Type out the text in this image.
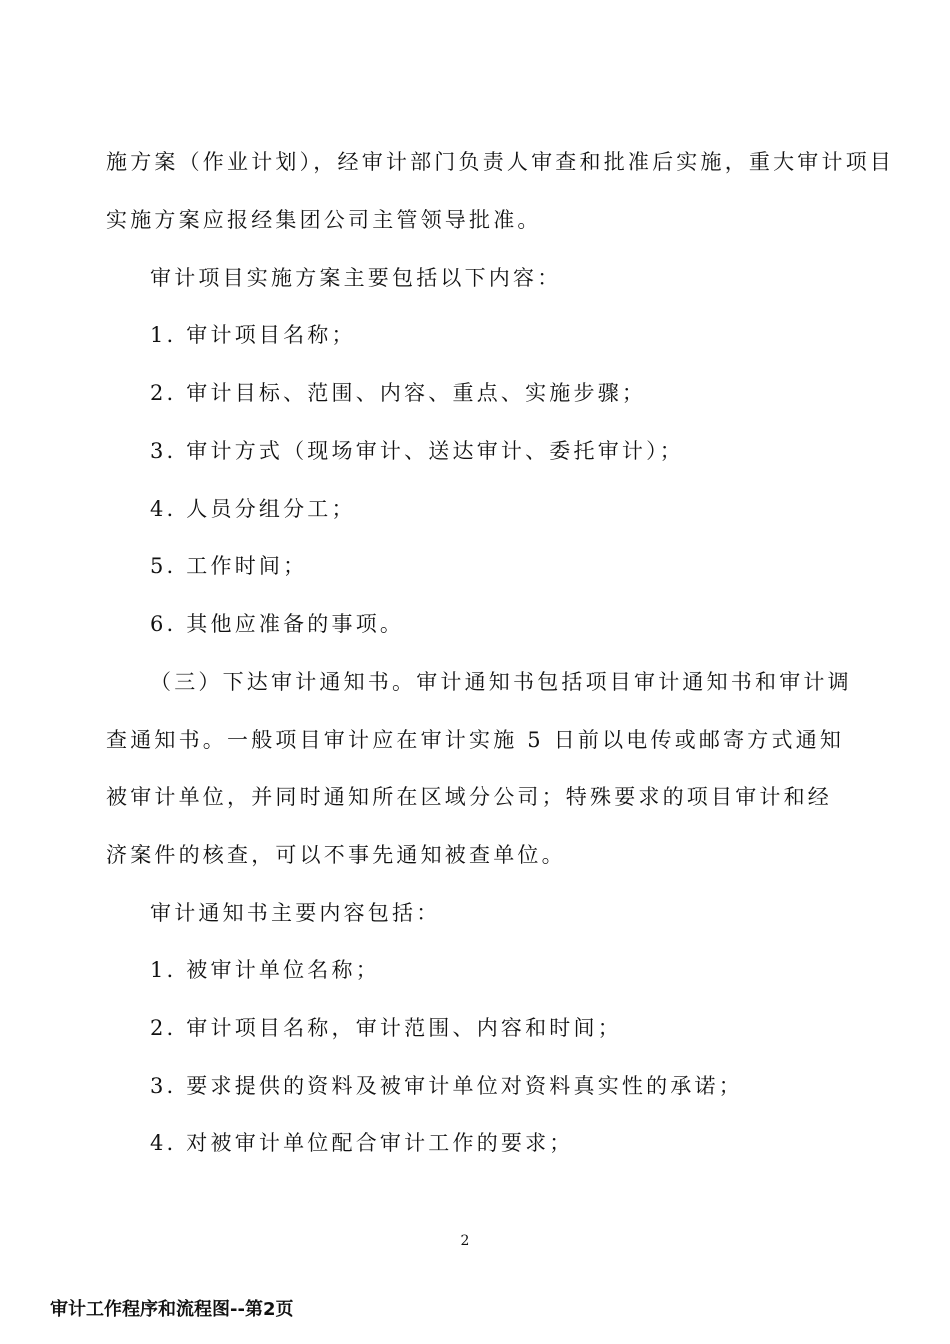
施方案（作业计划），经审计部门负责人审查和批准后实施，重大审计项目
实施方案应报经集团公司主管领导批准。
审计项目实施方案主要包括以下内容：
1. 审计项目名称；
2. 审计目标、范围、内容、重点、实施步骤；
3. 审计方式（现场审计、送达审计、委托审计）；
4. 人员分组分工；
5. 工作时间；
6. 其他应准备的事项。
（三）下达审计通知书。审计通知书包括项目审计通知书和审计调
查通知书。一般项目审计应在审计实施 5 日前以电传或邮寄方式通知
被审计单位，并同时通知所在区域分公司；特殊要求的项目审计和经
济案件的核查，可以不事先通知被查单位。
审计通知书主要内容包括：
1. 被审计单位名称；
2. 审计项目名称，审计范围、内容和时间；
3. 要求提供的资料及被审计单位对资料真实性的承诺；
4. 对被审计单位配合审计工作的要求；
2
审计工作程序和流程图--第2页
